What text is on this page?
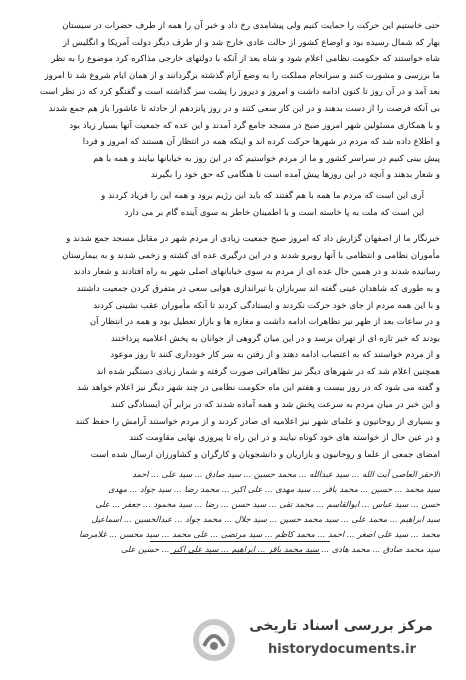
حتی خاستیم این حرکت را حمایت کنیم ولی پیشامدی رخ داد و خبر آن را همه از طرف حضرات در سیستان
بهار که شمال رسیده بود و اوضاع کشور از حالت عادی خارج شد و از طرف دیگر دولت آمریکا و انگلیس از
شاه خواستند که حکومت نظامی اعلام شود و شاه بعد از آنکه با دولتهای خارجی مذاکره کرد موضوع را به نظر
ما بررسی و مشورت کنند و سرانجام مملکت را به وضع آرام گذشته برگردانند و از همان ایام شروع شد تا امروز
بعد آمد و در آن روز تا کنون ادامه داشت و امروز و دیروز را پشت سر گذاشته است و گفتگو کرد که در نظر است
بی آنکه فرصت را از دست بدهند و در این کار سعی کنند و در روز پانزدهم از حادثه تا عاشورا باز هم جمع شدند
و با همکاری مسئولین شهر امروز صبح در مسجد جامع گرد آمدند و این عده که جمعیت آنها بسیار زیاد بود
و اطلاع داده شد که مردم در شهرها حرکت کرده اند و اینکه همه در انتظار آن هستند که امروز و فردا
پیش بینی کنیم در سراسر کشور و ما از مردم خواستیم که در این روز به خیابانها بیایند و همه با هم
و شعار بدهند و آنچه در این روزها پیش آمده است تا هنگامی که حق خود را بگیرند
آری این است که مردم ما همه با هم گفتند که باید این رژیم برود و همه این را فریاد کردند و
این است که ملت به پا خاسته است و با اطمینان خاطر به سوی آینده گام بر می دارد
خبرنگار ما از اصفهان گزارش داد که امروز صبح جمعیت زیادی از مردم شهر در مقابل مسجد جمع شدند و
مأموران نظامی و انتظامی با آنها روبرو شدند و در این درگیری عده ای کشته و زخمی شدند و به بیمارستان
رسانیده شدند و در همین حال عده ای از مردم به سوی خیابانهای اصلی شهر به راه افتادند و شعار دادند
و به طوری که شاهدان عینی گفته اند سربازان با تیراندازی هوایی سعی در متفرق کردن جمعیت داشتند
و با این همه مردم از جای خود حرکت نکردند و ایستادگی کردند تا آنکه مأموران عقب نشینی کردند
و در ساعات بعد از ظهر نیز تظاهرات ادامه داشت و مغازه ها و بازار تعطیل بود و همه در انتظار آن
بودند که خبر تازه ای از تهران برسد و در این میان گروهی از جوانان به پخش اعلامیه پرداختند
و از مردم خواستند که به اعتصاب ادامه دهند و از رفتن به سر کار خودداری کنند تا روز موعود
همچنین اعلام شد که در شهرهای دیگر نیز تظاهراتی صورت گرفته و شمار زیادی دستگیر شده اند
و گفته می شود که در روز بیست و هفتم این ماه حکومت نظامی در چند شهر دیگر نیز اعلام خواهد شد
و این خبر در میان مردم به سرعت پخش شد و همه آماده شدند که در برابر آن ایستادگی کنند
و بسیاری از روحانیون و علمای شهر نیز اعلامیه ای صادر کردند و از مردم خواستند آرامش را حفظ کنند
و در عین حال از خواسته های خود کوتاه نیایند و در این راه تا پیروزی نهایی مقاومت کنند
امضای جمعی از علما و روحانیون و بازاریان و دانشجویان و کارگران و کشاورزان ارسال شده است
الاحقر العاصی آیت الله ... سید عبدالله ... محمد حسین ... سید صادق ... سید علی ... احمد
سید محمد ... حسین ... محمد باقر ... سید مهدی ... علی اکبر ... محمد رضا ... سید جواد ... مهدی
حسن ... سید عباس ... ابوالقاسم ... محمد تقی ... سید حسن ... رضا ... سید محمود ... جعفر ... علی
سید ابراهیم ... محمد علی ... سید محمد حسین ... سید جلال ... محمد جواد ... عبدالحسین ... اسماعیل
محمد ... سید علی اصغر ... احمد ... محمد کاظم ... سید مرتضی ... علی محمد ... سید محسن ... غلامرضا
سید محمد صادق ... محمد هادی ... سید محمد باقر ... ابراهیم ... سید علی اکبر ... حسین علی
مرکز بررسی اسناد تاریخی
historydocuments.ir
